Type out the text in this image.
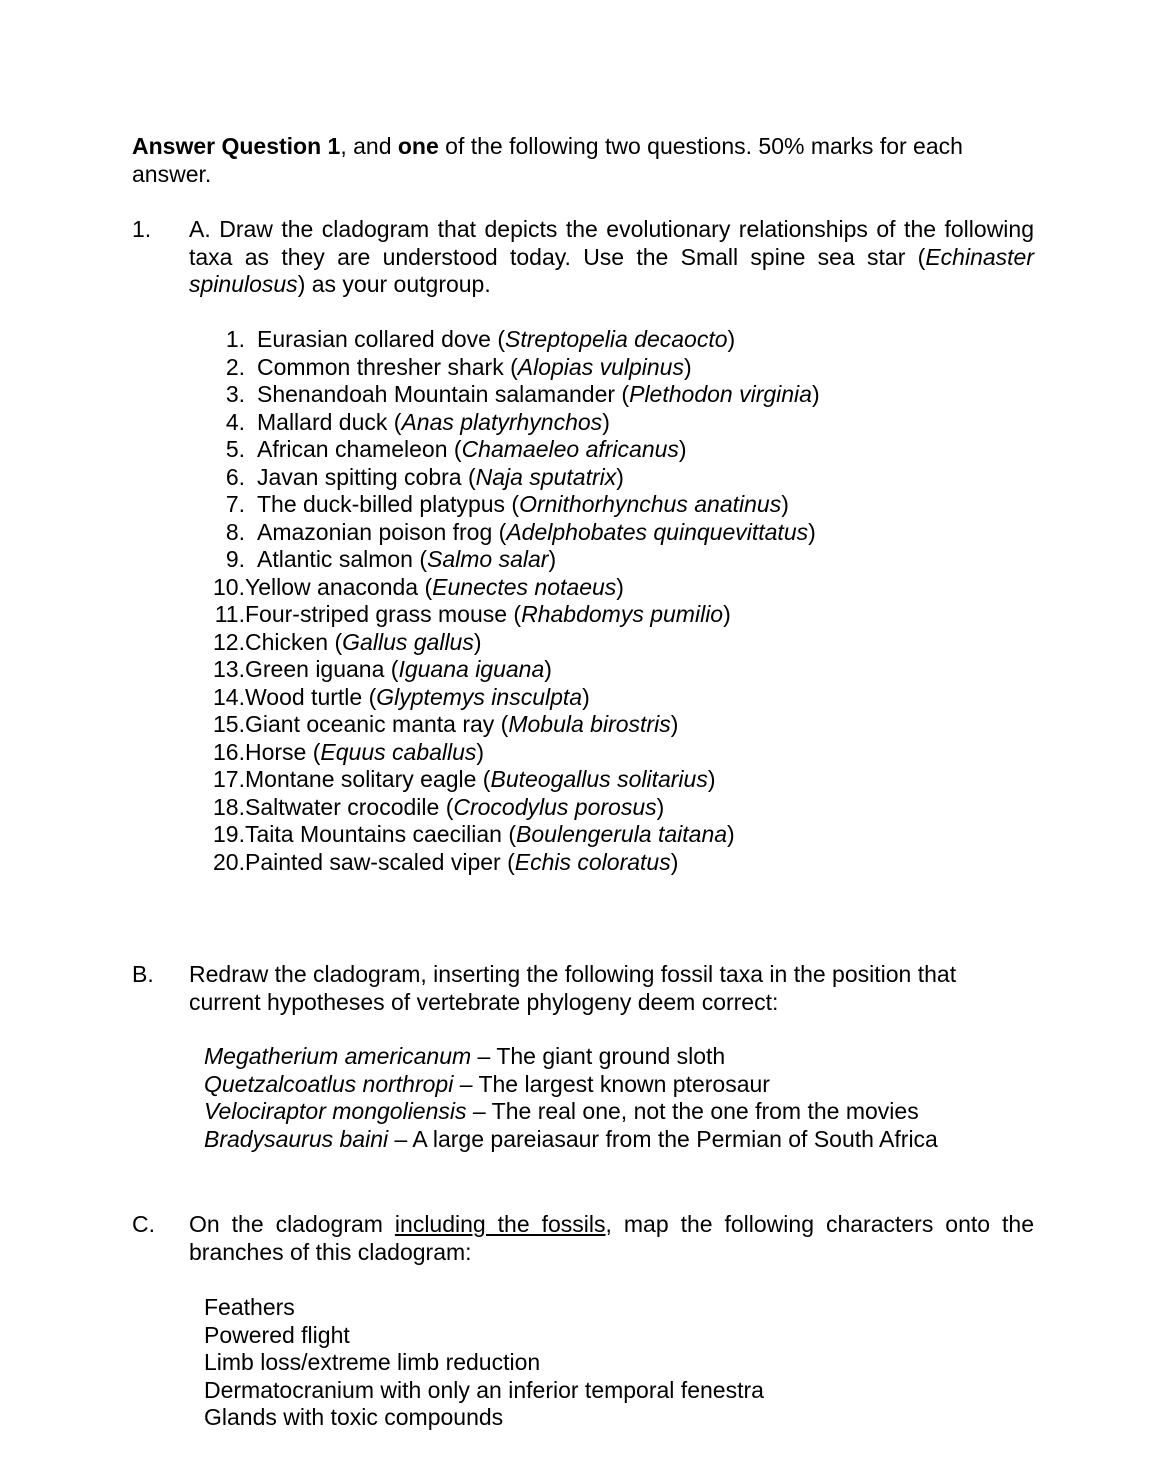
Answer Question 1, and one of the following two questions. 50% marks for each answer.
1. A. Draw the cladogram that depicts the evolutionary relationships of the following taxa as they are understood today. Use the Small spine sea star (Echinaster spinulosus) as your outgroup.
1. Eurasian collared dove (Streptopelia decaocto)
2. Common thresher shark (Alopias vulpinus)
3. Shenandoah Mountain salamander (Plethodon virginia)
4. Mallard duck (Anas platyrhynchos)
5. African chameleon (Chamaeleo africanus)
6. Javan spitting cobra (Naja sputatrix)
7. The duck-billed platypus (Ornithorhynchus anatinus)
8. Amazonian poison frog (Adelphobates quinquevittatus)
9. Atlantic salmon (Salmo salar)
10. Yellow anaconda (Eunectes notaeus)
11. Four-striped grass mouse (Rhabdomys pumilio)
12. Chicken (Gallus gallus)
13. Green iguana (Iguana iguana)
14. Wood turtle (Glyptemys insculpta)
15. Giant oceanic manta ray (Mobula birostris)
16. Horse (Equus caballus)
17. Montane solitary eagle (Buteogallus solitarius)
18. Saltwater crocodile (Crocodylus porosus)
19. Taita Mountains caecilian (Boulengerula taitana)
20. Painted saw-scaled viper (Echis coloratus)
B. Redraw the cladogram, inserting the following fossil taxa in the position that current hypotheses of vertebrate phylogeny deem correct:
Megatherium americanum – The giant ground sloth
Quetzalcoatlus northropi – The largest known pterosaur
Velociraptor mongoliensis – The real one, not the one from the movies
Bradysaurus baini – A large pareiasaur from the Permian of South Africa
C. On the cladogram including the fossils, map the following characters onto the branches of this cladogram:
Feathers
Powered flight
Limb loss/extreme limb reduction
Dermatocranium with only an inferior temporal fenestra
Glands with toxic compounds
